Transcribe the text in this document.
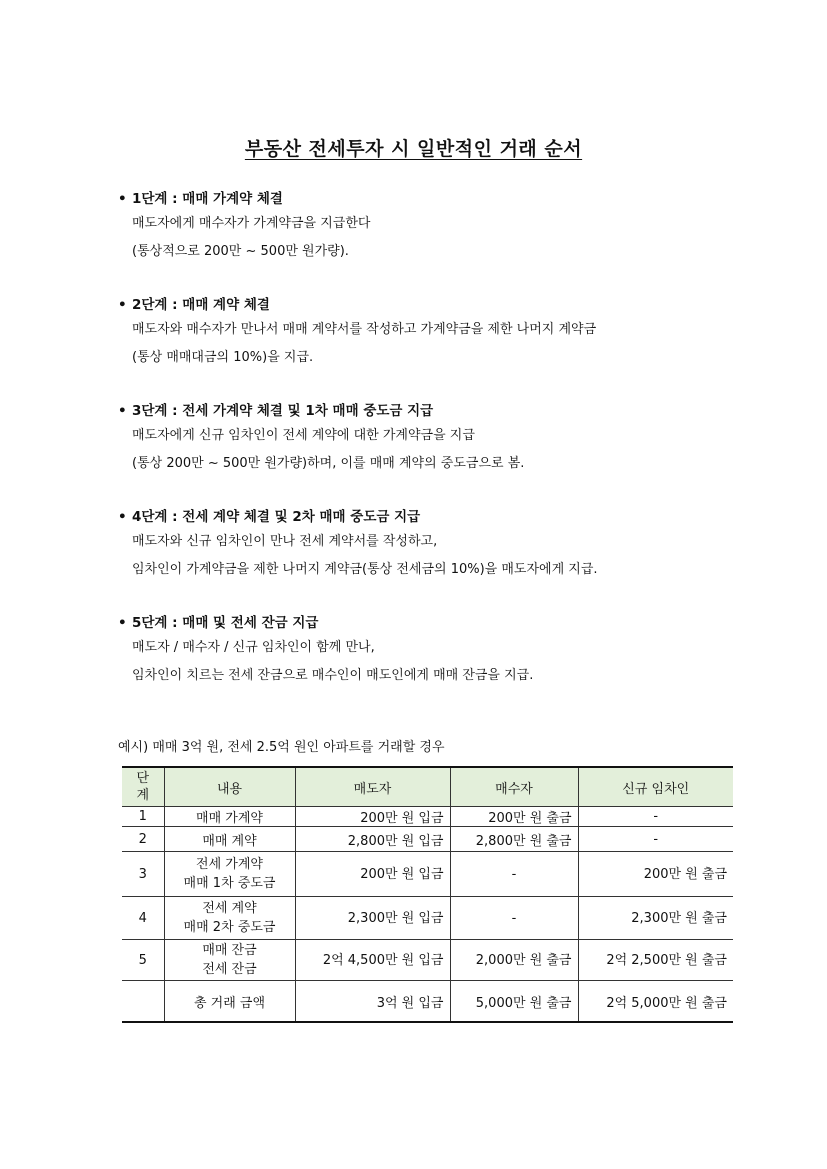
부동산 전세투자 시 일반적인 거래 순서
• 1단계 : 매매 가계약 체결
매도자에게 매수자가 가계약금을 지급한다
(통상적으로 200만 ~ 500만 원가량).
• 2단계 : 매매 계약 체결
매도자와 매수자가 만나서 매매 계약서를 작성하고 가계약금을 제한 나머지 계약금
(통상 매매대금의 10%)을 지급.
• 3단계 : 전세 가계약 체결 및 1차 매매 중도금 지급
매도자에게 신규 임차인이 전세 계약에 대한 가계약금을 지급
(통상 200만 ~ 500만 원가량)하며, 이를 매매 계약의 중도금으로 봄.
• 4단계 : 전세 계약 체결 및 2차 매매 중도금 지급
매도자와 신규 임차인이 만나 전세 계약서를 작성하고,
임차인이 가계약금을 제한 나머지 계약금(통상 전세금의 10%)을 매도자에게 지급.
• 5단계 : 매매 및 전세 잔금 지급
매도자 / 매수자 / 신규 임차인이 함께 만나,
임차인이 치르는 전세 잔금으로 매수인이 매도인에게 매매 잔금을 지급.
예시) 매매 3억 원, 전세 2.5억 원인 아파트를 거래할 경우
단
계	내용	매도자	매수자	신규 임차인
1	매매 가계약	200만 원 입금	200만 원 출금	-
2	매매 계약	2,800만 원 입금	2,800만 원 출금	-
3	전세 가계약
매매 1차 중도금	200만 원 입금	-	200만 원 출금
4	전세 계약
매매 2차 중도금	2,300만 원 입금	-	2,300만 원 출금
5	매매 잔금
전세 잔금	2억 4,500만 원 입금	2,000만 원 출금	2억 2,500만 원 출금
	총 거래 금액	3억 원 입금	5,000만 원 출금	2억 5,000만 원 출금
